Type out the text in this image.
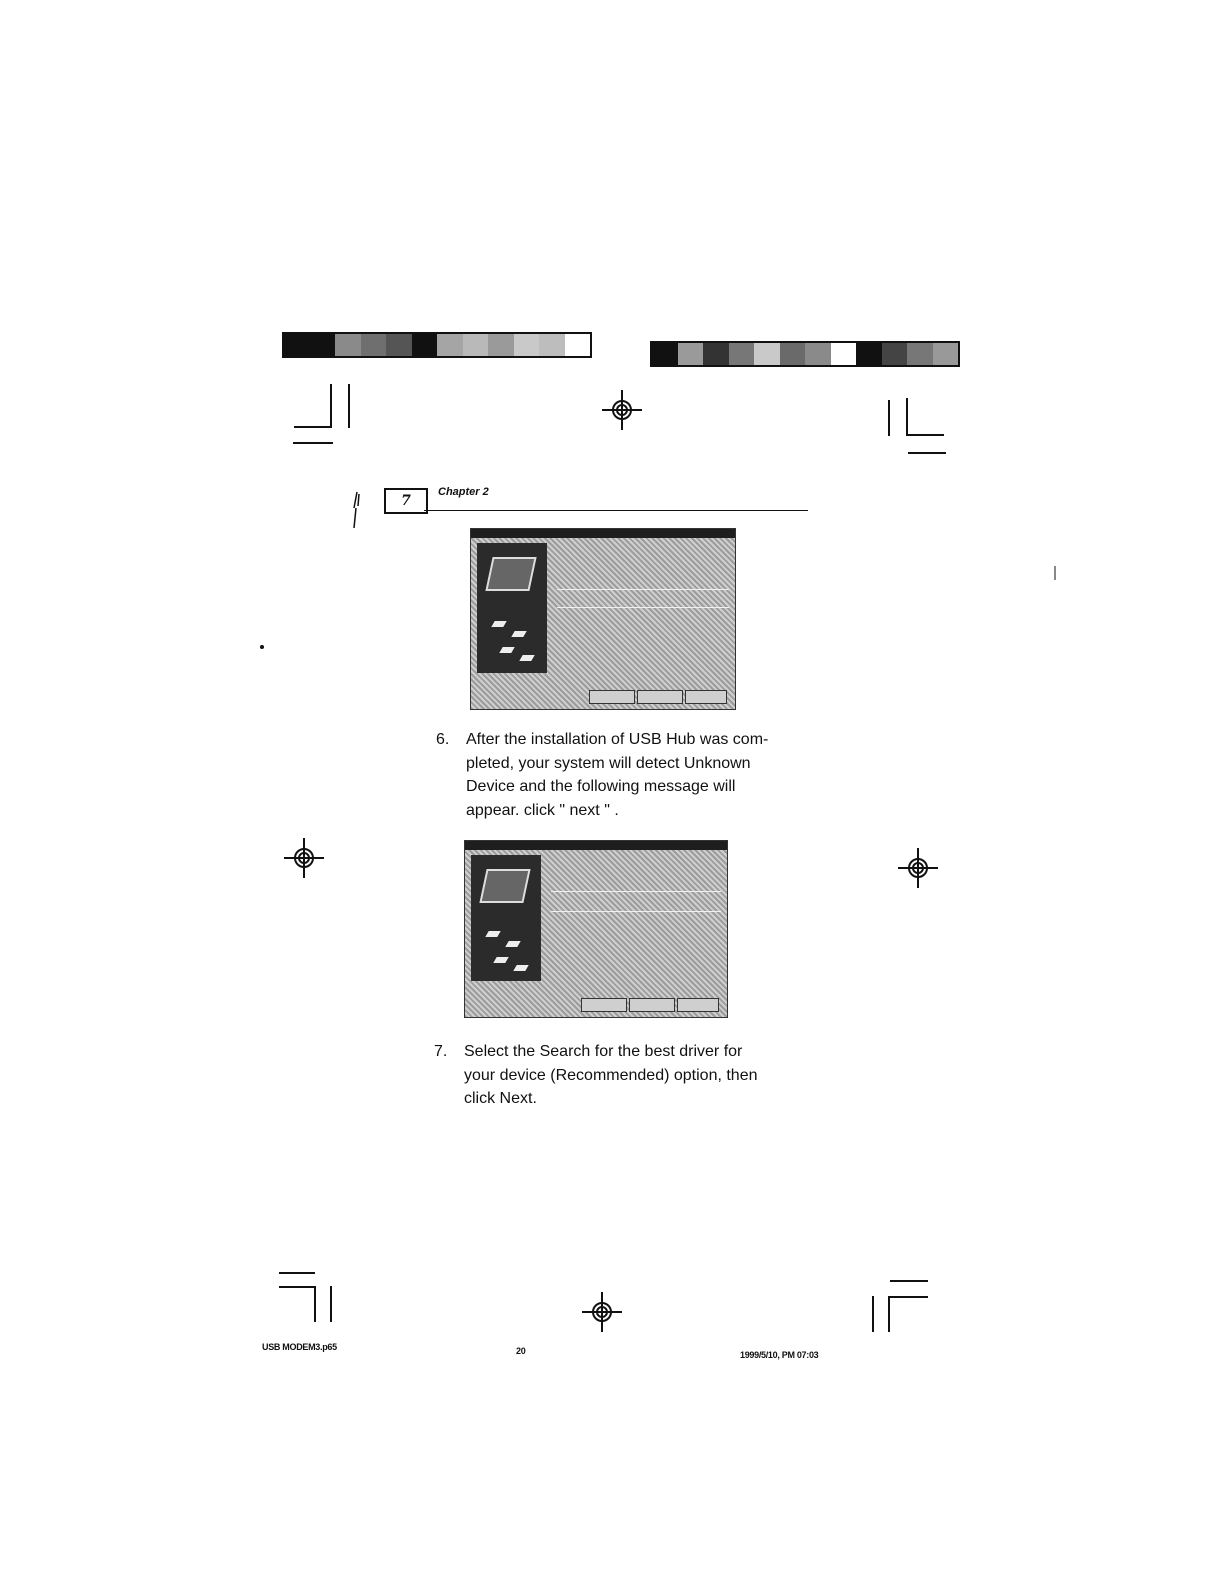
7
Chapter 2
6. After the installation of USB Hub was com-
pleted, your system will detect Unknown
Device and the following message will
appear. click " next " .
7. Select the Search for the best driver for
your device (Recommended) option, then
click Next.
USB MODEM3.p65	20	1999/5/10, PM 07:03
